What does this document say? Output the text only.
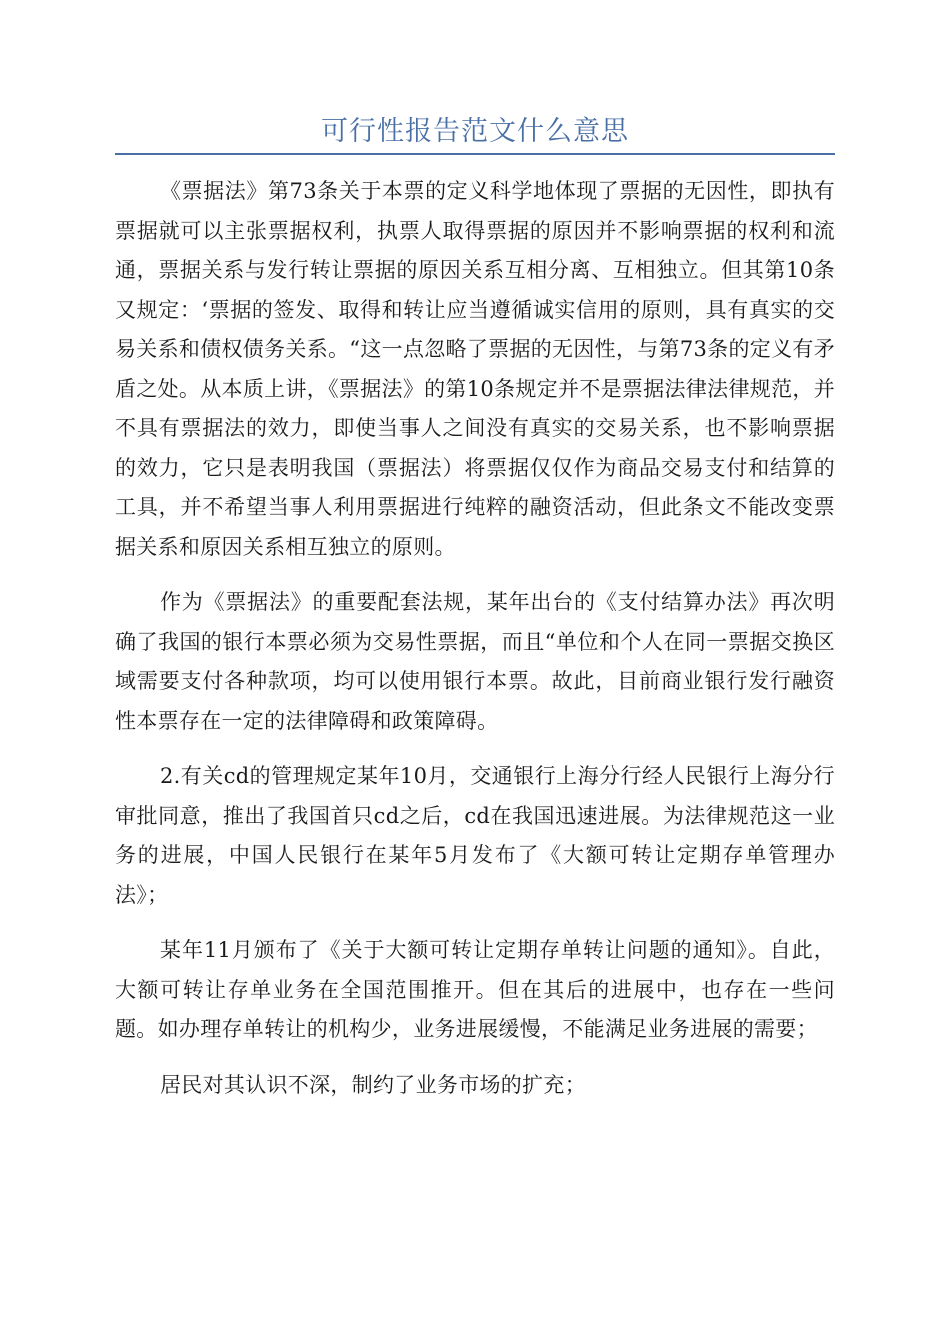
可行性报告范文什么意思

《票据法》第73条关于本票的定义科学地体现了票据的无因性，即执有票据就可以主张票据权利，执票人取得票据的原因并不影响票据的权利和流通，票据关系与发行转让票据的原因关系互相分离、互相独立。但其第10条又规定：‘票据的签发、取得和转让应当遵循诚实信用的原则，具有真实的交易关系和债权债务关系。“这一点忽略了票据的无因性，与第73条的定义有矛盾之处。从本质上讲，《票据法》的第10条规定并不是票据法律法律规范，并不具有票据法的效力，即使当事人之间没有真实的交易关系，也不影响票据的效力，它只是表明我国（票据法）将票据仅仅作为商品交易支付和结算的工具，并不希望当事人利用票据进行纯粹的融资活动，但此条文不能改变票据关系和原因关系相互独立的原则。

作为《票据法》的重要配套法规，某年出台的《支付结算办法》再次明确了我国的银行本票必须为交易性票据，而且“单位和个人在同一票据交换区域需要支付各种款项，均可以使用银行本票。故此，目前商业银行发行融资性本票存在一定的法律障碍和政策障碍。

2.有关cd的管理规定某年10月，交通银行上海分行经人民银行上海分行审批同意，推出了我国首只cd之后，cd在我国迅速进展。为法律规范这一业务的进展，中国人民银行在某年5月发布了《大额可转让定期存单管理办法》；

某年11月颁布了《关于大额可转让定期存单转让问题的通知》。自此，大额可转让存单业务在全国范围推开。但在其后的进展中，也存在一些问题。如办理存单转让的机构少，业务进展缓慢，不能满足业务进展的需要；

居民对其认识不深，制约了业务市场的扩充；
